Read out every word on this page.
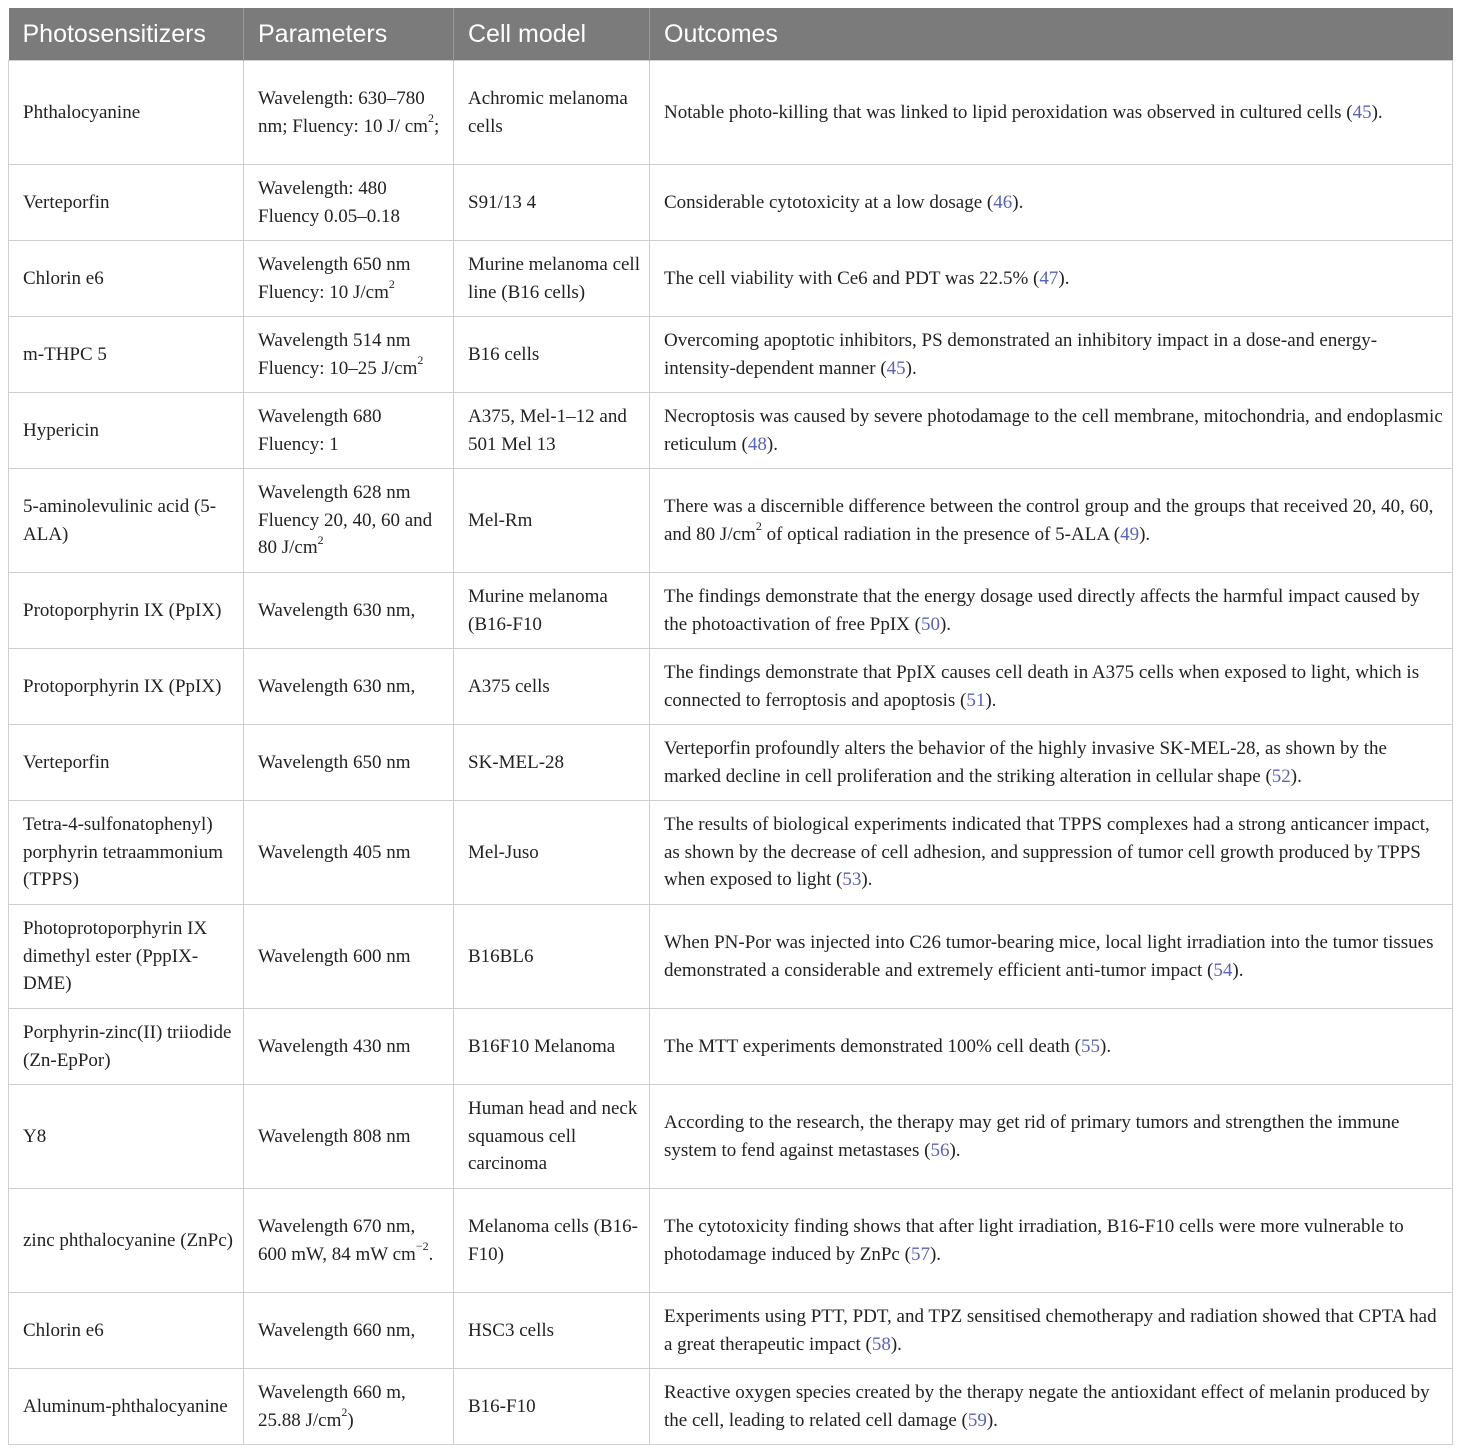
Photosensitizers	Parameters	Cell model	Outcomes
Phthalocyanine	Wavelength: 630–780 nm; Fluency: 10 J/ $cm^2$;	Achromic melanoma cells	Notable photo-killing that was linked to lipid peroxidation was observed in cultured cells (45).
Verteporfin	Wavelength: 480 Fluency 0.05–0.18	S91/13 4	Considerable cytotoxicity at a low dosage (46).
Chlorin e6	Wavelength 650 nm Fluency: 10 $J/cm^2$	Murine melanoma cell line (B16 cells)	The cell viability with Ce6 and PDT was 22.5% (47).
m-THPC 5	Wavelength 514 nm Fluency: 10–25 $J/cm^2$	B16 cells	Overcoming apoptotic inhibitors, PS demonstrated an inhibitory impact in a dose-and energy-intensity-dependent manner (45).
Hypericin	Wavelength 680 Fluency: 1	A375, Mel-1–12 and 501 Mel 13	Necroptosis was caused by severe photodamage to the cell membrane, mitochondria, and endoplasmic reticulum (48).
5-aminolevulinic acid (5-ALA)	Wavelength 628 nm Fluency 20, 40, 60 and 80 $J/cm^2$	Mel-Rm	There was a discernible difference between the control group and the groups that received 20, 40, 60, and 80 $J/cm^2$ of optical radiation in the presence of 5-ALA (49).
Protoporphyrin IX (PpIX)	Wavelength 630 nm,	Murine melanoma (B16-F10	The findings demonstrate that the energy dosage used directly affects the harmful impact caused by the photoactivation of free PpIX (50).
Protoporphyrin IX (PpIX)	Wavelength 630 nm,	A375 cells	The findings demonstrate that PpIX causes cell death in A375 cells when exposed to light, which is connected to ferroptosis and apoptosis (51).
Verteporfin	Wavelength 650 nm	SK-MEL-28	Verteporfin profoundly alters the behavior of the highly invasive SK-MEL-28, as shown by the marked decline in cell proliferation and the striking alteration in cellular shape (52).
Tetra-4-sulfonatophenyl) porphyrin tetraammonium (TPPS)	Wavelength 405 nm	Mel-Juso	The results of biological experiments indicated that TPPS complexes had a strong anticancer impact, as shown by the decrease of cell adhesion, and suppression of tumor cell growth produced by TPPS when exposed to light (53).
Photoprotoporphyrin IX dimethyl ester (PppIX-DME)	Wavelength 600 nm	B16BL6	When PN-Por was injected into C26 tumor-bearing mice, local light irradiation into the tumor tissues demonstrated a considerable and extremely efficient anti-tumor impact (54).
Porphyrin-zinc(II) triiodide (Zn-EpPor)	Wavelength 430 nm	B16F10 Melanoma	The MTT experiments demonstrated 100% cell death (55).
Y8	Wavelength 808 nm	Human head and neck squamous cell carcinoma	According to the research, the therapy may get rid of primary tumors and strengthen the immune system to fend against metastases (56).
zinc phthalocyanine (ZnPc)	Wavelength 670 nm, 600 mW, 84 mW $cm^{-2}$.	Melanoma cells (B16-F10)	The cytotoxicity finding shows that after light irradiation, B16-F10 cells were more vulnerable to photodamage induced by ZnPc (57).
Chlorin e6	Wavelength 660 nm,	HSC3 cells	Experiments using PTT, PDT, and TPZ sensitised chemotherapy and radiation showed that CPTA had a great therapeutic impact (58).
Aluminum-phthalocyanine	Wavelength 660 m, 25.88 $J/cm^2$)	B16-F10	Reactive oxygen species created by the therapy negate the antioxidant effect of melanin produced by the cell, leading to related cell damage (59).
